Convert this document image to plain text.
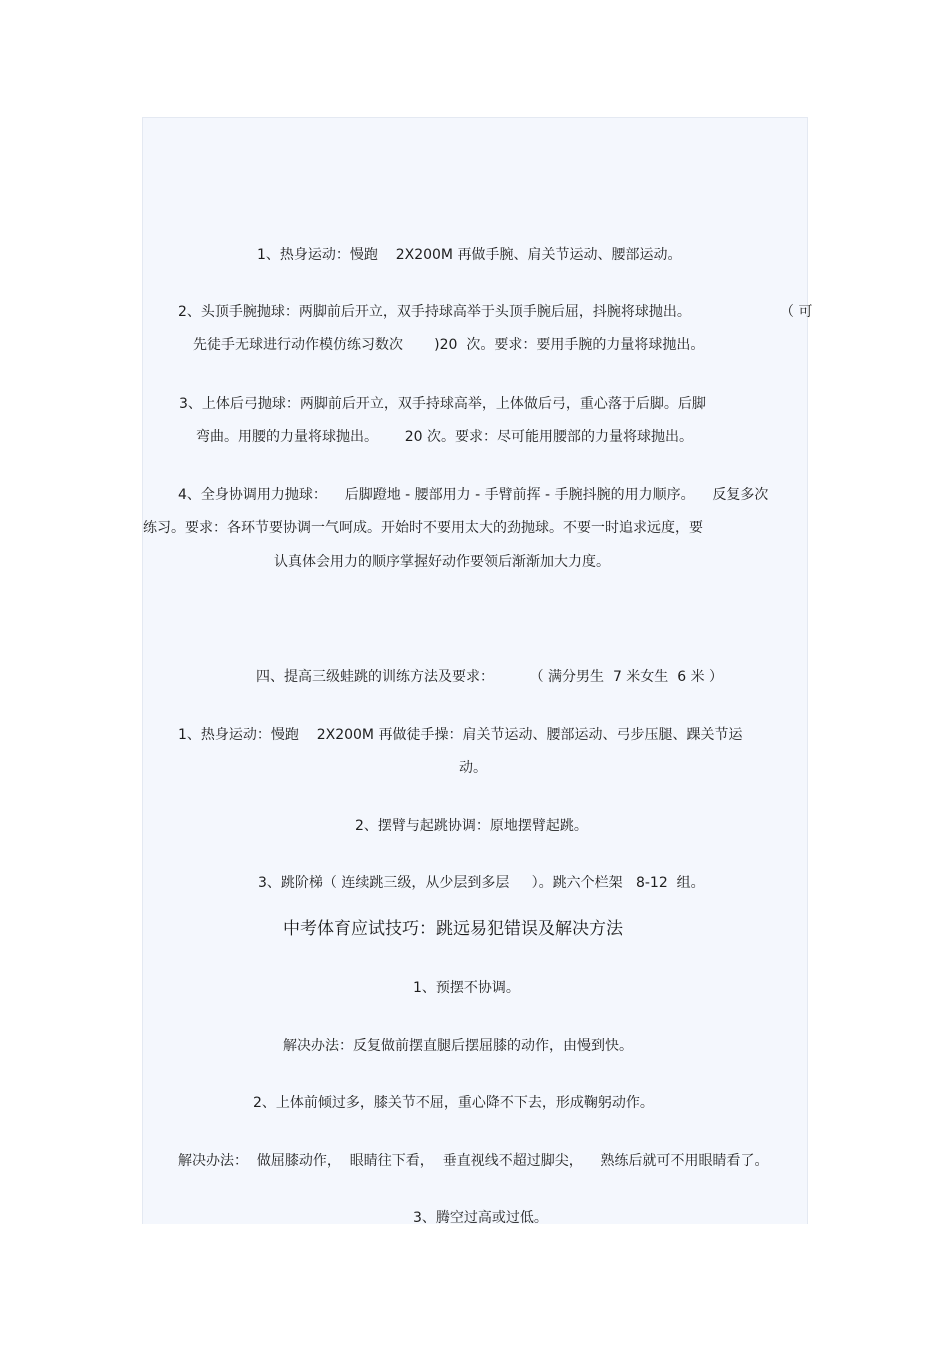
1、热身运动：慢跑    2X200M 再做手腕、肩关节运动、腰部运动。
2、头顶手腕抛球：两脚前后开立，双手持球高举于头顶手腕后屈，抖腕将球抛出。	（ 可
先徒手无球进行动作模仿练习数次       )20  次。要求：要用手腕的力量将球抛出。
3、上体后弓抛球：两脚前后开立，双手持球高举，上体做后弓，重心落于后脚。后脚
弯曲。用腰的力量将球抛出。      20 次。要求：尽可能用腰部的力量将球抛出。
4、全身协调用力抛球：    后脚蹬地 - 腰部用力 - 手臂前挥 - 手腕抖腕的用力顺序。    反复多次
练习。要求：各环节要协调一气呵成。开始时不要用太大的劲抛球。不要一时追求远度，要
认真体会用力的顺序掌握好动作要领后渐渐加大力度。
四、提高三级蛙跳的训练方法及要求：        （ 满分男生  7 米女生  6 米 ）
1、热身运动：慢跑    2X200M 再做徒手操：肩关节运动、腰部运动、弓步压腿、踝关节运
动。
2、摆臂与起跳协调：原地摆臂起跳。
3、跳阶梯（ 连续跳三级，从少层到多层     ）。跳六个栏架   8-12  组。
中考体育应试技巧：跳远易犯错误及解决方法
1、预摆不协调。
解决办法：反复做前摆直腿后摆屈膝的动作，由慢到快。
2、上体前倾过多，膝关节不屈，重心降不下去，形成鞠躬动作。
解决办法：  做屈膝动作，  眼睛往下看，  垂直视线不超过脚尖，    熟练后就可不用眼睛看了。
3、腾空过高或过低。
